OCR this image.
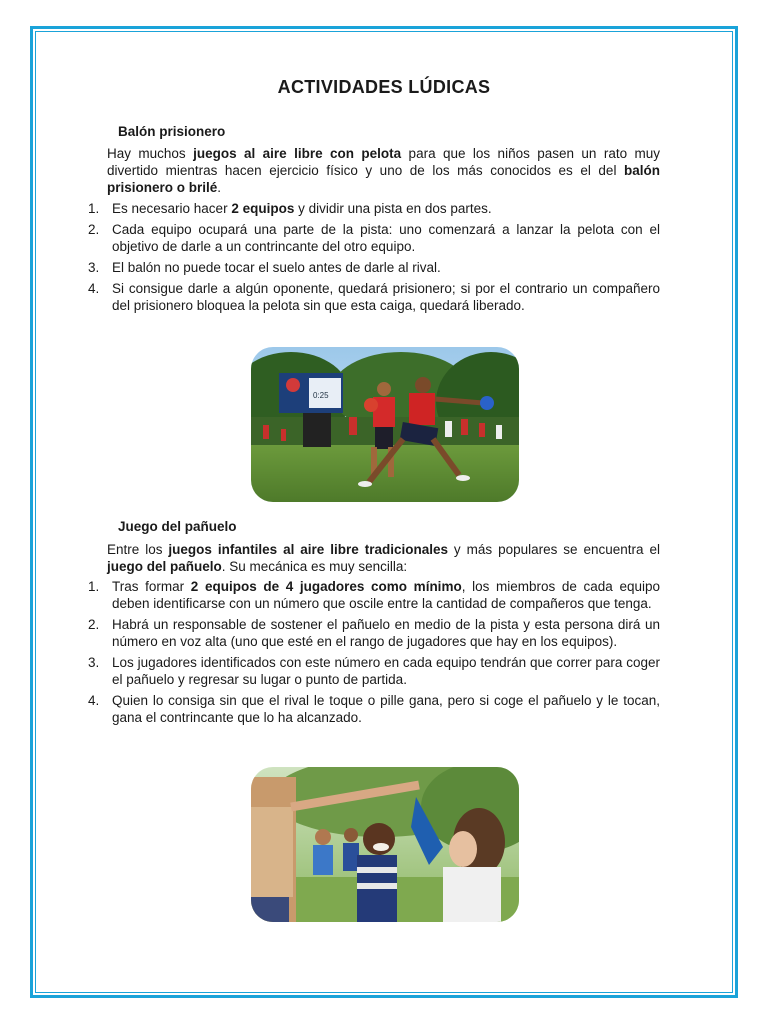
ACTIVIDADES LÚDICAS
Balón prisionero
Hay muchos juegos al aire libre con pelota para que los niños pasen un rato muy divertido mientras hacen ejercicio físico y uno de los más conocidos es el del balón prisionero o brilé.
1. Es necesario hacer 2 equipos y dividir una pista en dos partes.
2. Cada equipo ocupará una parte de la pista: uno comenzará a lanzar la pelota con el objetivo de darle a un contrincante del otro equipo.
3. El balón no puede tocar el suelo antes de darle al rival.
4. Si consigue darle a algún oponente, quedará prisionero; si por el contrario un compañero del prisionero bloquea la pelota sin que esta caiga, quedará liberado.
0:25
Juego del pañuelo
Entre los juegos infantiles al aire libre tradicionales y más populares se encuentra el juego del pañuelo. Su mecánica es muy sencilla:
1. Tras formar 2 equipos de 4 jugadores como mínimo, los miembros de cada equipo deben identificarse con un número que oscile entre la cantidad de compañeros que tenga.
2. Habrá un responsable de sostener el pañuelo en medio de la pista y esta persona dirá un número en voz alta (uno que esté en el rango de jugadores que hay en los equipos).
3. Los jugadores identificados con este número en cada equipo tendrán que correr para coger el pañuelo y regresar su lugar o punto de partida.
4. Quien lo consiga sin que el rival le toque o pille gana, pero si coge el pañuelo y le tocan, gana el contrincante que lo ha alcanzado.
